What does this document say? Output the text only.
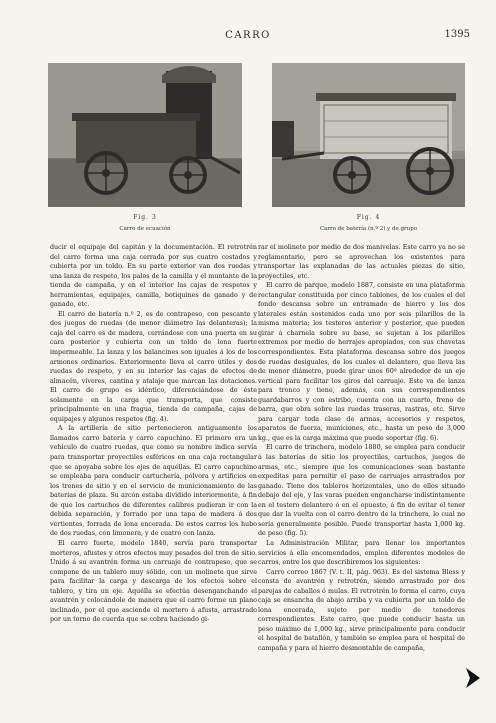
CARRO	1395
Fig. 3
Carro de ecuación
Fig. 4
Carro de batería (n.º 2) y de grupo

ducir el equipaje del capitán y la documentación. El retrotrén del carro forma una caja cerrada por sus cuatro costados y cubierta por un toldo. En su parte exterior van dos ruedas y una lanza de respeto, los palos de la camilla y el muntante de la tienda de campaña, y en el interior las cajas de respetos y herramientas, equipajes, camilla, botiquines de ganado y de ganado, etc.

El carro de batería n.º 2, es de contrapeso, con pescante y dos juegos de ruedas (de menor diámetro las delanteras); la caja del carro es de madera, cerrándose con una puerta en su cara posterior y cubierta con un toldo de lona fuerte impermeable. La lanza y los balancines son iguales á los de los armones ordinarios. Exteriormente lleva el carro útiles y dos ruedas de respeto, y en su interior las cajas de efectos de almacén, víveres, cantina y atalaje que marcan las dotaciones. El carro de grupo es idéntico, diferenciándose de éste solamente en la carga que transporta, que consiste principalmente en una fragua, tienda de campaña, cajas de equipajes y algunos respetos (fig. 4).

A la artillería de sitio pertenecieron antiguamente los llamados carro batería y carro capuchino. El primero era un vehículo de cuatro ruedas, que como su nombre indica servía para transportar proyectiles esféricos en una caja rectangular que se apoyaba sobre los ejes de aquéllas. El carro capuchino se empleaba para conducir cartuchería, pólvora y artificios en los trenes de sitio y en el servicio de municionamiento de las baterías de plaza. Su arcón estaba dividido interiormente, á fin de que los cartuchos de diferentes calibres pudieran ir con la debida separación, y forrado por una tapa de madera á dos vertientes, forrada de lona encerada. De estos carros los hubo de dos ruedas, con limonera, y de cuatro con lanza.

El carro fuerte, modelo 1840, servía para transportar morteros, afustes y otros efectos muy pesados del tren de sitio. Unido á su avantrén forma un carruaje de contrapeso, que se compone de un tablero muy sólido, con un molinete que sirve para facilitar la carga y descarga de los efectos sobre el tablero, y tira un eje. Aquélla se efectúa desenganchando el avantrén y colocándole de manera que el carro forme un plano inclinado, por el que asciende el mortero á afusta, arrastrado por un torno de cuerda que se cobra haciendo gi-

rar el molinete por medio de dos manivelas. Este carro ya no se reglamentario, pero se aprovechan los existentes para transportar las explanadas de las actuales piezas de sitio, proyectiles, etc.

El carro de parque, modelo 1887, consiste en una plataforma rectangular constituida por cinco tablones, de los cuales el del fondo descansa sobre un entramado de hierro y los dos laterales están sostenidos cada uno por seis pilarillos de la misma materia; los testeros anterior y posterior, que pueden girar á charnela sobre su base, se sujetan á los pilarillos extremos por medio de herrajes apropiados, con sus chavetas correspondientes. Esta plataforma descansa sobre dos juegos de ruedas desiguales, de los cuales el delantero, que lleva las de menor diámetro, puede girar unos 60º alrededor de un eje vertical para facilitar los giros del carruaje. Este va de lanza para tronco y tiene, además, con sus correspondientes guardabarros y con estribo, cuenta con un cuarto, freno de barra, que obra sobre las ruedas traseras, rastras, etc. Sirve para cargar toda clase de armas, accesorios y respetos, aparatos de fuerza, municiones, etc., hasta un peso de 3,000 kg., que es la carga máxima que puede soportar (fig. 6).

El carro de trinchera, modelo 1880, se emplea para conducir á las baterías de sitio los proyectiles, cartuchos, juegos de armas, etc., siempre que los comunicaciones sean bastante expeditas para permitir el paso de carruajes arrastrados por ganado. Tiene dos tableros horizontales, uno de ellos situado debajo del eje, y las varas pueden engancharse indistintamente en el testero delantero ó en el opuesto, á fin de evitar el tener que dar la vuelta con el carro dentro de la trinchera, lo cual no sería generalmente posible. Puede transportar hasta 1,000 kg. de peso (fig. 5).

La Administración Militar, para llenar los importantes servicios á ella encomendados, emplea diferentes modelos de carros, entre los que describiremos los siguientes:

Carro correo 1867 (V. t. II, pág. 963). Es del sistema Bless y consta de avantrén y retrotrén, siendo arrastrado por dos parejas de caballos ó mulas. El retrotrén lo forma el carro, cuya caja se ensancha de abajo arriba y va cubierta por un toldo de lona encerada, sujeto por medio de tenedores correspondientes. Este carro, que puede conducir hasta un peso máximo de 1,000 kg., sirve principalmente para conducir el hospital de batallón, y también se emplea para el hospital de campaña y para el hierro desmontable de campaña,
